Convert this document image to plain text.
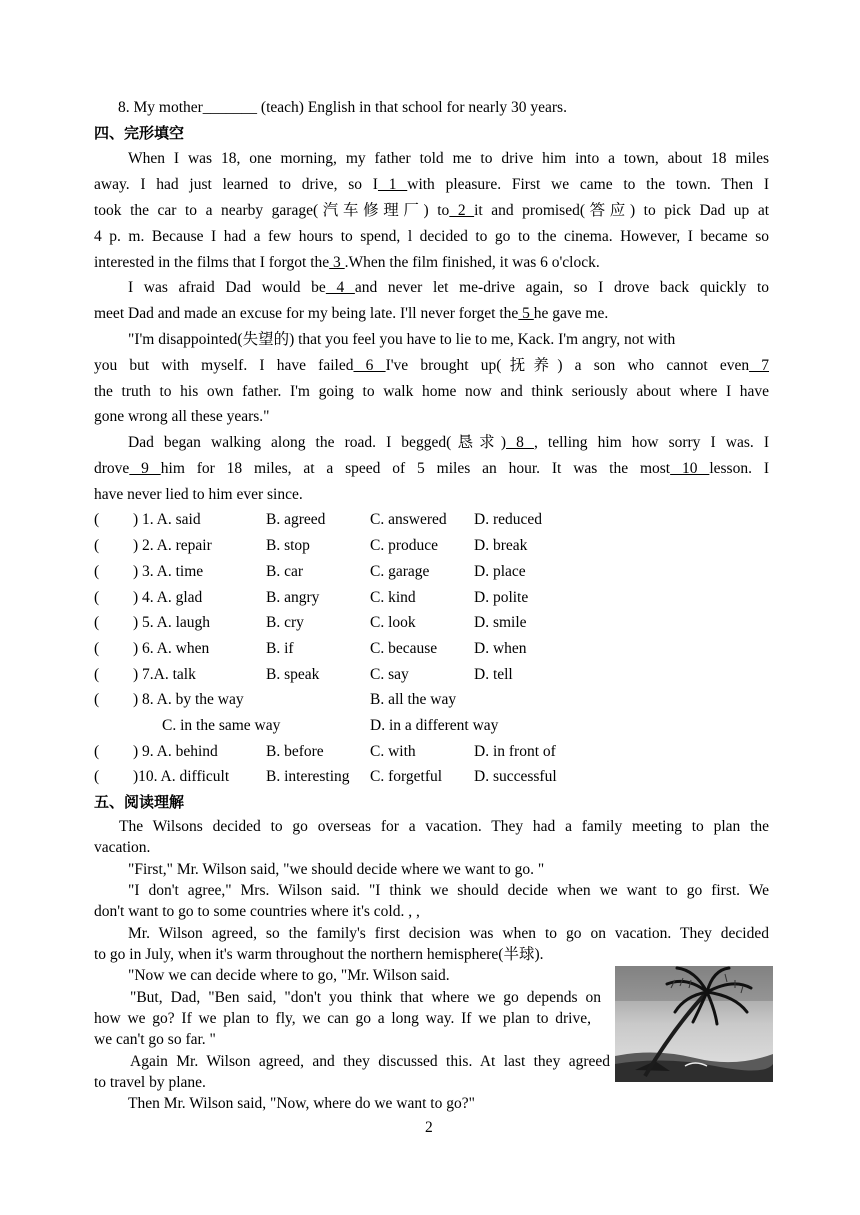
8. My mother_______ (teach) English in that school for nearly 30 years.
四、完形填空
When I was 18, one morning, my father told me to drive him into a town, about 18 miles
away. I had just learned to drive, so I 1 with pleasure. First we came to the town. Then I
took the car to a nearby garage(汽车修理厂) to 2 it and promised(答应) to pick Dad up at
4 p. m. Because I had a few hours to spend, l decided to go to the cinema. However, I became so
interested in the films that I forgot the 3 .When the film finished, it was 6 o'clock.
I was afraid Dad would be 4 and never let me-drive again, so I drove back quickly to
meet Dad and made an excuse for my being late. I'll never forget the 5 he gave me.
"I'm disappointed(失望的) that you feel you have to lie to me, Kack. I'm angry, not with
you but with myself. I have failed 6 I've brought up(抚养) a son who cannot even 7
the truth to his own father. I'm going to walk home now and think seriously about where I have
gone wrong all these years."
Dad began walking along the road. I begged(恳求) 8 , telling him how sorry I was. I
drove 9 him for 18 miles, at a speed of 5 miles an hour. It was the most 10 lesson. I
have never lied to him ever since.
( ) 1. A. said	B. agreed	C. answered D. reduced
( ) 2. A. repair	B. stop	C. produce D. break
( ) 3. A. time	B. car	C. garage	D. place
( ) 4. A. glad	B. angry	C. kind	D. polite
( ) 5. A. laugh	B. cry	C. look	D. smile
( ) 6. A. when	B. if	C. because D. when
( ) 7.A. talk	B. speak	C. say	D. tell
( ) 8. A. by the way	B. all the way
C. in the same way	D. in a different way
( ) 9. A. behind	B. before	C. with	D. in front of
( )10. A. difficult B. interesting C. forgetful D. successful
五、阅读理解
The Wilsons decided to go overseas for a vacation. They had a family meeting to plan the
vacation.
"First," Mr. Wilson said, "we should decide where we want to go. "
"I don't agree," Mrs. Wilson said. "I think we should decide when we want to go first. We
don't want to go to some countries where it's cold. , ,
Mr. Wilson agreed, so the family's first decision was when to go on vacation. They decided
to go in July, when it's warm throughout the northern hemisphere(半球).
"Now we can decide where to go, "Mr. Wilson said.
"But, Dad, "Ben said, "don't you think that where we go depends on
how we go? If we plan to fly, we can go a long way. If we plan to drive,
we can't go so far. "
Again Mr. Wilson agreed, and they discussed this. At last they agreed
to travel by plane.
Then Mr. Wilson said, "Now, where do we want to go?"
2
